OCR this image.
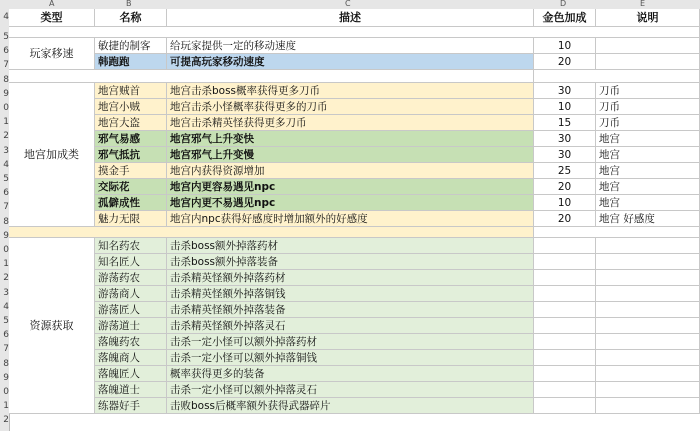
A	B	C	D	E
4
5
6
7
8
9
0
1
2
3
4
5
6
7
8
9
0
1
2
3
4
5
6
7
8
9
0
1
2
类型	名称	描述	金色加成	说明
玩家移速
敏捷的制客	给玩家提供一定的移动速度	10
韩跑跑	可提高玩家移动速度	20
地宫加成类
地宫贼首	地宫击杀boss概率获得更多刀币	30	刀币
地宫小贼	地宫击杀小怪概率获得更多的刀币	10	刀币
地宫大盗	地宫击杀精英怪获得更多刀币	15	刀币
邪气易感	地宫邪气上升变快	30	地宫
邪气抵抗	地宫邪气上升变慢	30	地宫
摸金手	地宫内获得资源增加	25	地宫
交际花	地宫内更容易遇见npc	20	地宫
孤僻成性	地宫内更不易遇见npc	10	地宫
魅力无限	地宫内npc获得好感度时增加额外的好感度	20	地宫 好感度
资源获取
知名药农	击杀boss额外掉落药材
知名匠人	击杀boss额外掉落装备
游荡药农	击杀精英怪额外掉落药材
游荡商人	击杀精英怪额外掉落铜钱
游荡匠人	击杀精英怪额外掉落装备
游荡道士	击杀精英怪额外掉落灵石
落魄药农	击杀一定小怪可以额外掉落药材
落魄商人	击杀一定小怪可以额外掉落铜钱
落魄匠人	概率获得更多的装备
落魄道士	击杀一定小怪可以额外掉落灵石
练器好手	击败boss后概率额外获得武器碎片
